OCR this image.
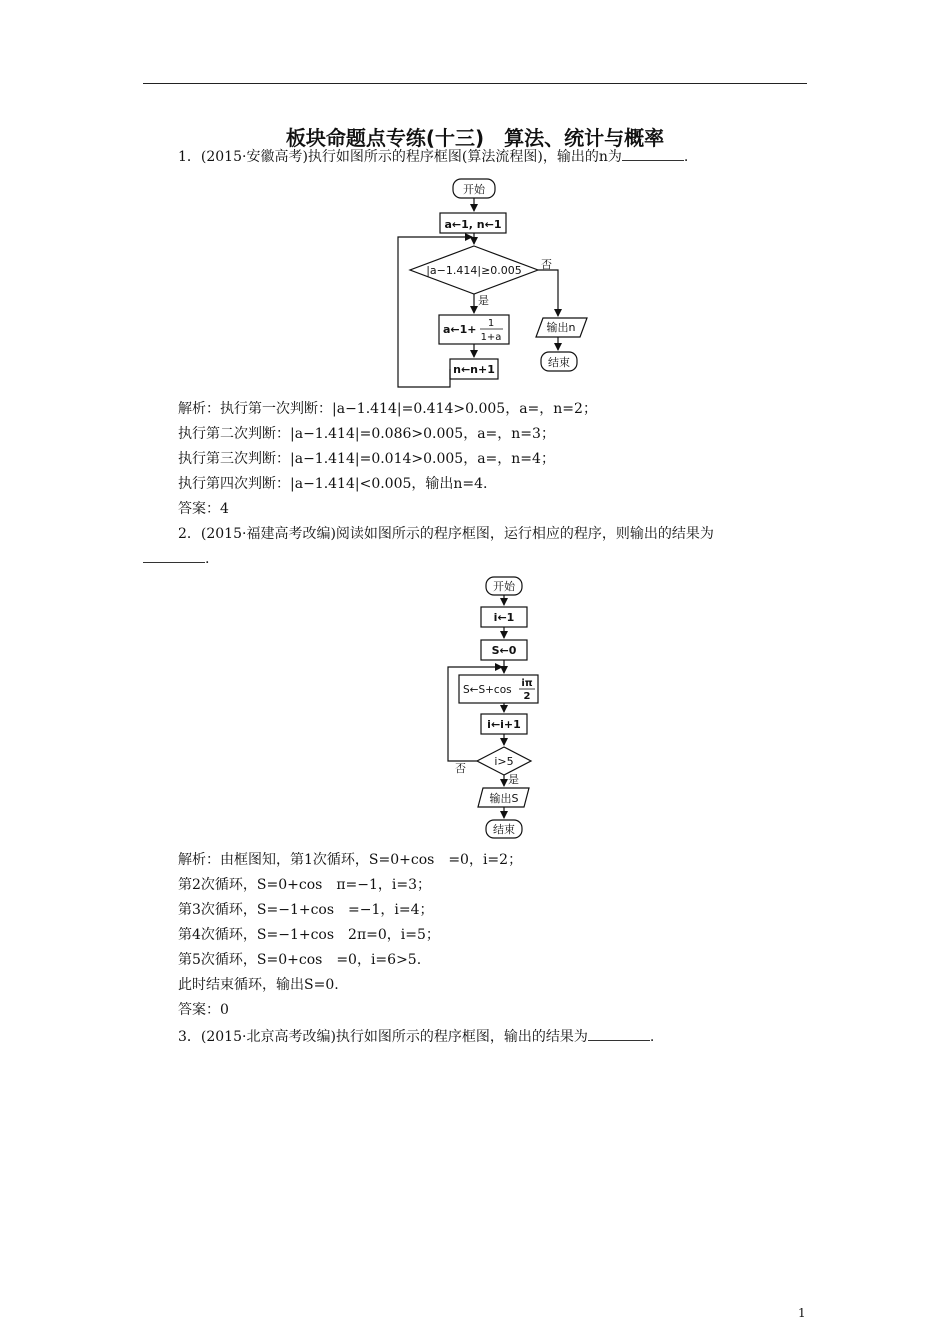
板块命题点专练(十三)　算法、统计与概率
1．(2015·安徽高考)执行如图所示的程序框图(算法流程图)，输出的n为	.
开始
a←1, n←1
|a−1.414|≥0.005 否
是
a←1+ 1
1+a
n←n+1
输出n
结束
解析：执行第一次判断：|a−1.414|=0.414>0.005，a=，n=2；
执行第二次判断：|a−1.414|=0.086>0.005，a=，n=3；
执行第三次判断：|a−1.414|=0.014>0.005，a=，n=4；
执行第四次判断：|a−1.414|<0.005，输出n=4.
答案：4
2．(2015·福建高考改编)阅读如图所示的程序框图，运行相应的程序，则输出的结果为
.
开始
i←1
S←0
S←S+cos
iπ
2
i←i+1
i>5
否
是
输出S
结束
解析：由框图知，第1次循环，S=0+cos　=0，i=2；
第2次循环，S=0+cos　π=−1，i=3；
第3次循环，S=−1+cos　=−1，i=4；
第4次循环，S=−1+cos　2π=0，i=5；
第5次循环，S=0+cos　=0，i=6>5.
此时结束循环，输出S=0.
答案：0
3．(2015·北京高考改编)执行如图所示的程序框图，输出的结果为	.
1
